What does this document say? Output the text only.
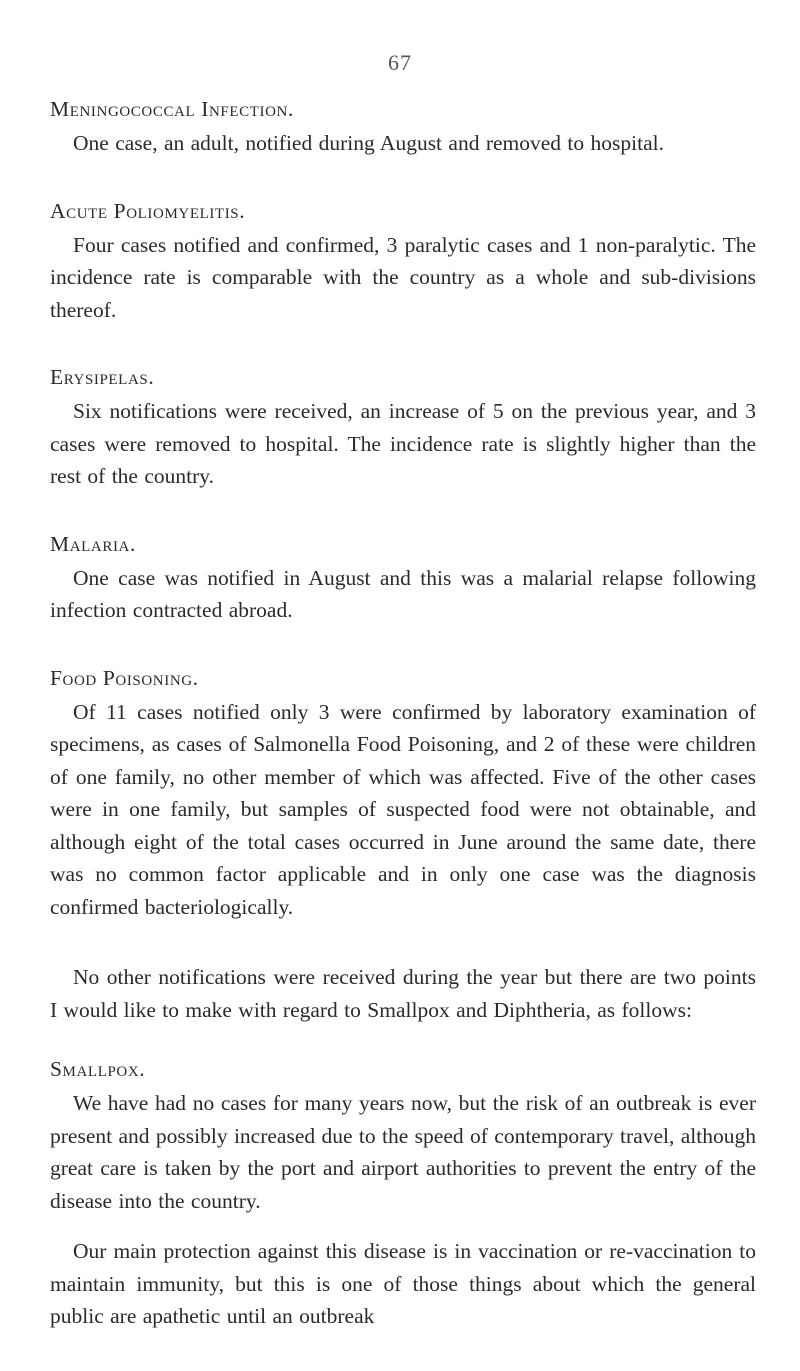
67
Meningococcal Infection.

One case, an adult, notified during August and removed to hospital.

Acute Poliomyelitis.

Four cases notified and confirmed, 3 paralytic cases and 1 non-paralytic. The incidence rate is comparable with the country as a whole and sub-divisions thereof.

Erysipelas.

Six notifications were received, an increase of 5 on the previous year, and 3 cases were removed to hospital. The incidence rate is slightly higher than the rest of the country.

Malaria.

One case was notified in August and this was a malarial relapse following infection contracted abroad.

Food Poisoning.

Of 11 cases notified only 3 were confirmed by laboratory examination of specimens, as cases of Salmonella Food Poisoning, and 2 of these were children of one family, no other member of which was affected. Five of the other cases were in one family, but samples of suspected food were not obtainable, and although eight of the total cases occurred in June around the same date, there was no common factor applicable and in only one case was the diagnosis confirmed bacteriologically.

No other notifications were received during the year but there are two points I would like to make with regard to Smallpox and Diphtheria, as follows:

Smallpox.

We have had no cases for many years now, but the risk of an outbreak is ever present and possibly increased due to the speed of contemporary travel, although great care is taken by the port and airport authorities to prevent the entry of the disease into the country.

Our main protection against this disease is in vaccination or re-vaccination to maintain immunity, but this is one of those things about which the general public are apathetic until an outbreak
